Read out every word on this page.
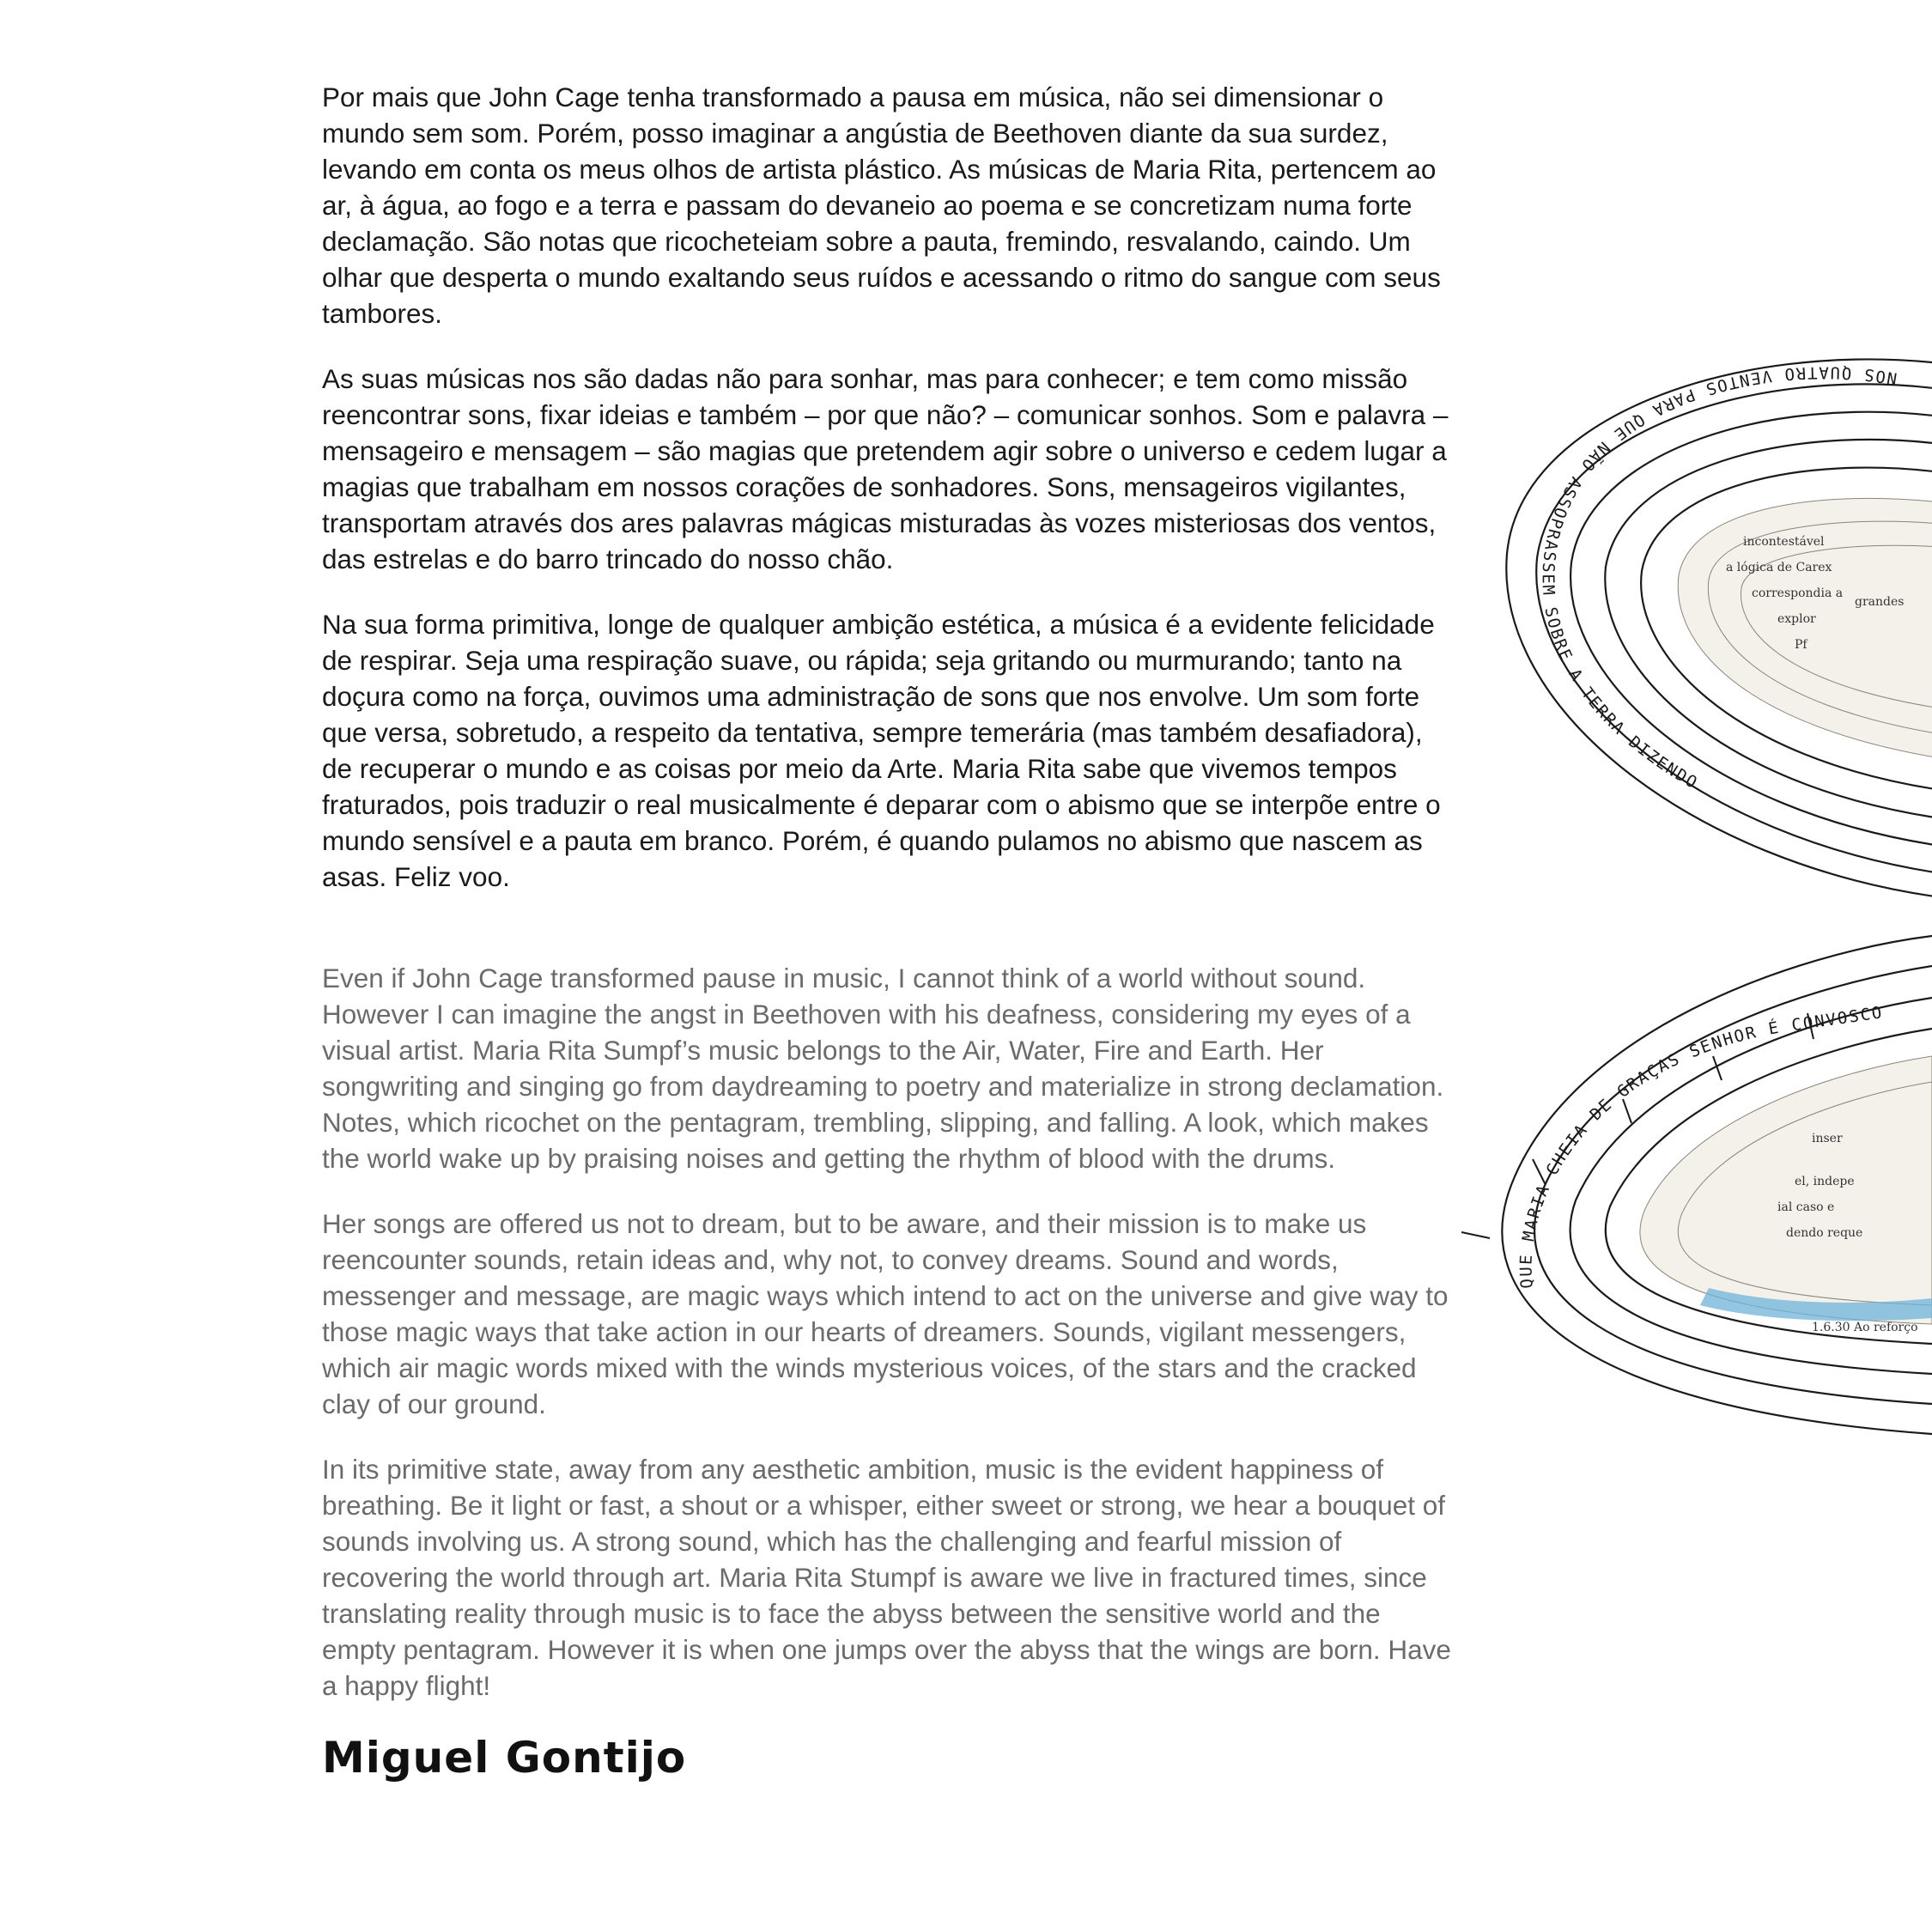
Por mais que John Cage tenha transformado a pausa em música, não sei dimensionar o mundo sem som. Porém, posso imaginar a angústia de Beethoven diante da sua surdez, levando em conta os meus olhos de artista plástico. As músicas de Maria Rita, pertencem ao ar, à água, ao fogo e a terra e passam do devaneio ao poema e se concretizam numa forte declamação. São notas que ricocheteiam sobre a pauta, fremindo, resvalando, caindo. Um olhar que desperta o mundo exaltando seus ruídos e acessando o ritmo do sangue com seus tambores.

As suas músicas nos são dadas não para sonhar, mas para conhecer; e tem como missão reencontrar sons, fixar ideias e também – por que não? – comunicar sonhos. Som e palavra – mensageiro e mensagem – são magias que pretendem agir sobre o universo e cedem lugar a magias que trabalham em nossos corações de sonhadores. Sons, mensageiros vigilantes, transportam através dos ares palavras mágicas misturadas às vozes misteriosas dos ventos, das estrelas e do barro trincado do nosso chão.

Na sua forma primitiva, longe de qualquer ambição estética, a música é a evidente felicidade de respirar. Seja uma respiração suave, ou rápida; seja gritando ou murmurando; tanto na doçura como na força, ouvimos uma administração de sons que nos envolve. Um som forte que versa, sobretudo, a respeito da tentativa, sempre temerária (mas também desafiadora), de recuperar o mundo e as coisas por meio da Arte. Maria Rita sabe que vivemos tempos fraturados, pois traduzir o real musicalmente é deparar com o abismo que se interpõe entre o mundo sensível e a pauta em branco. Porém, é quando pulamos no abismo que nascem as asas. Feliz voo.

Even if John Cage transformed pause in music, I cannot think of a world without sound. However I can imagine the angst in Beethoven with his deafness, considering my eyes of a visual artist. Maria Rita Sumpf’s music belongs to the Air, Water, Fire and Earth. Her songwriting and singing go from daydreaming to poetry and materialize in strong declamation. Notes, which ricochet on the pentagram, trembling, slipping, and falling. A look, which makes the world wake up by praising noises and getting the rhythm of blood with the drums.

Her songs are offered us not to dream, but to be aware, and their mission is to make us reencounter sounds, retain ideas and, why not, to convey dreams. Sound and words, messenger and message, are magic ways which intend to act on the universe and give way to those magic ways that take action in our hearts of dreamers. Sounds, vigilant messengers, which air magic words mixed with the winds mysterious voices, of the stars and the cracked clay of our ground.

In its primitive state, away from any aesthetic ambition, music is the evident happiness of breathing. Be it light or fast, a shout or a whisper, either sweet or strong, we hear a bouquet of sounds involving us. A strong sound, which has the challenging and fearful mission of recovering the world through art. Maria Rita Stumpf is aware we live in fractured times, since translating reality through music is to face the abyss between the sensitive world and the empty pentagram. However it is when one jumps over the abyss that the wings are born. Have a happy flight!

Miguel Gontijo
incontestável
a lógica de Carex
correspondia a
explor
Pf
grandes
NOS QUATRO VENTOS PARA QUE NÃO ASSOPRASSEM SOBRE A TERRA DIZENDO
inser
el, indepe
ial caso e
dendo reque
1.6.30 Ao reforço
QUE MARIA CHEIA DE GRAÇAS SENHOR É CONVOSCO
